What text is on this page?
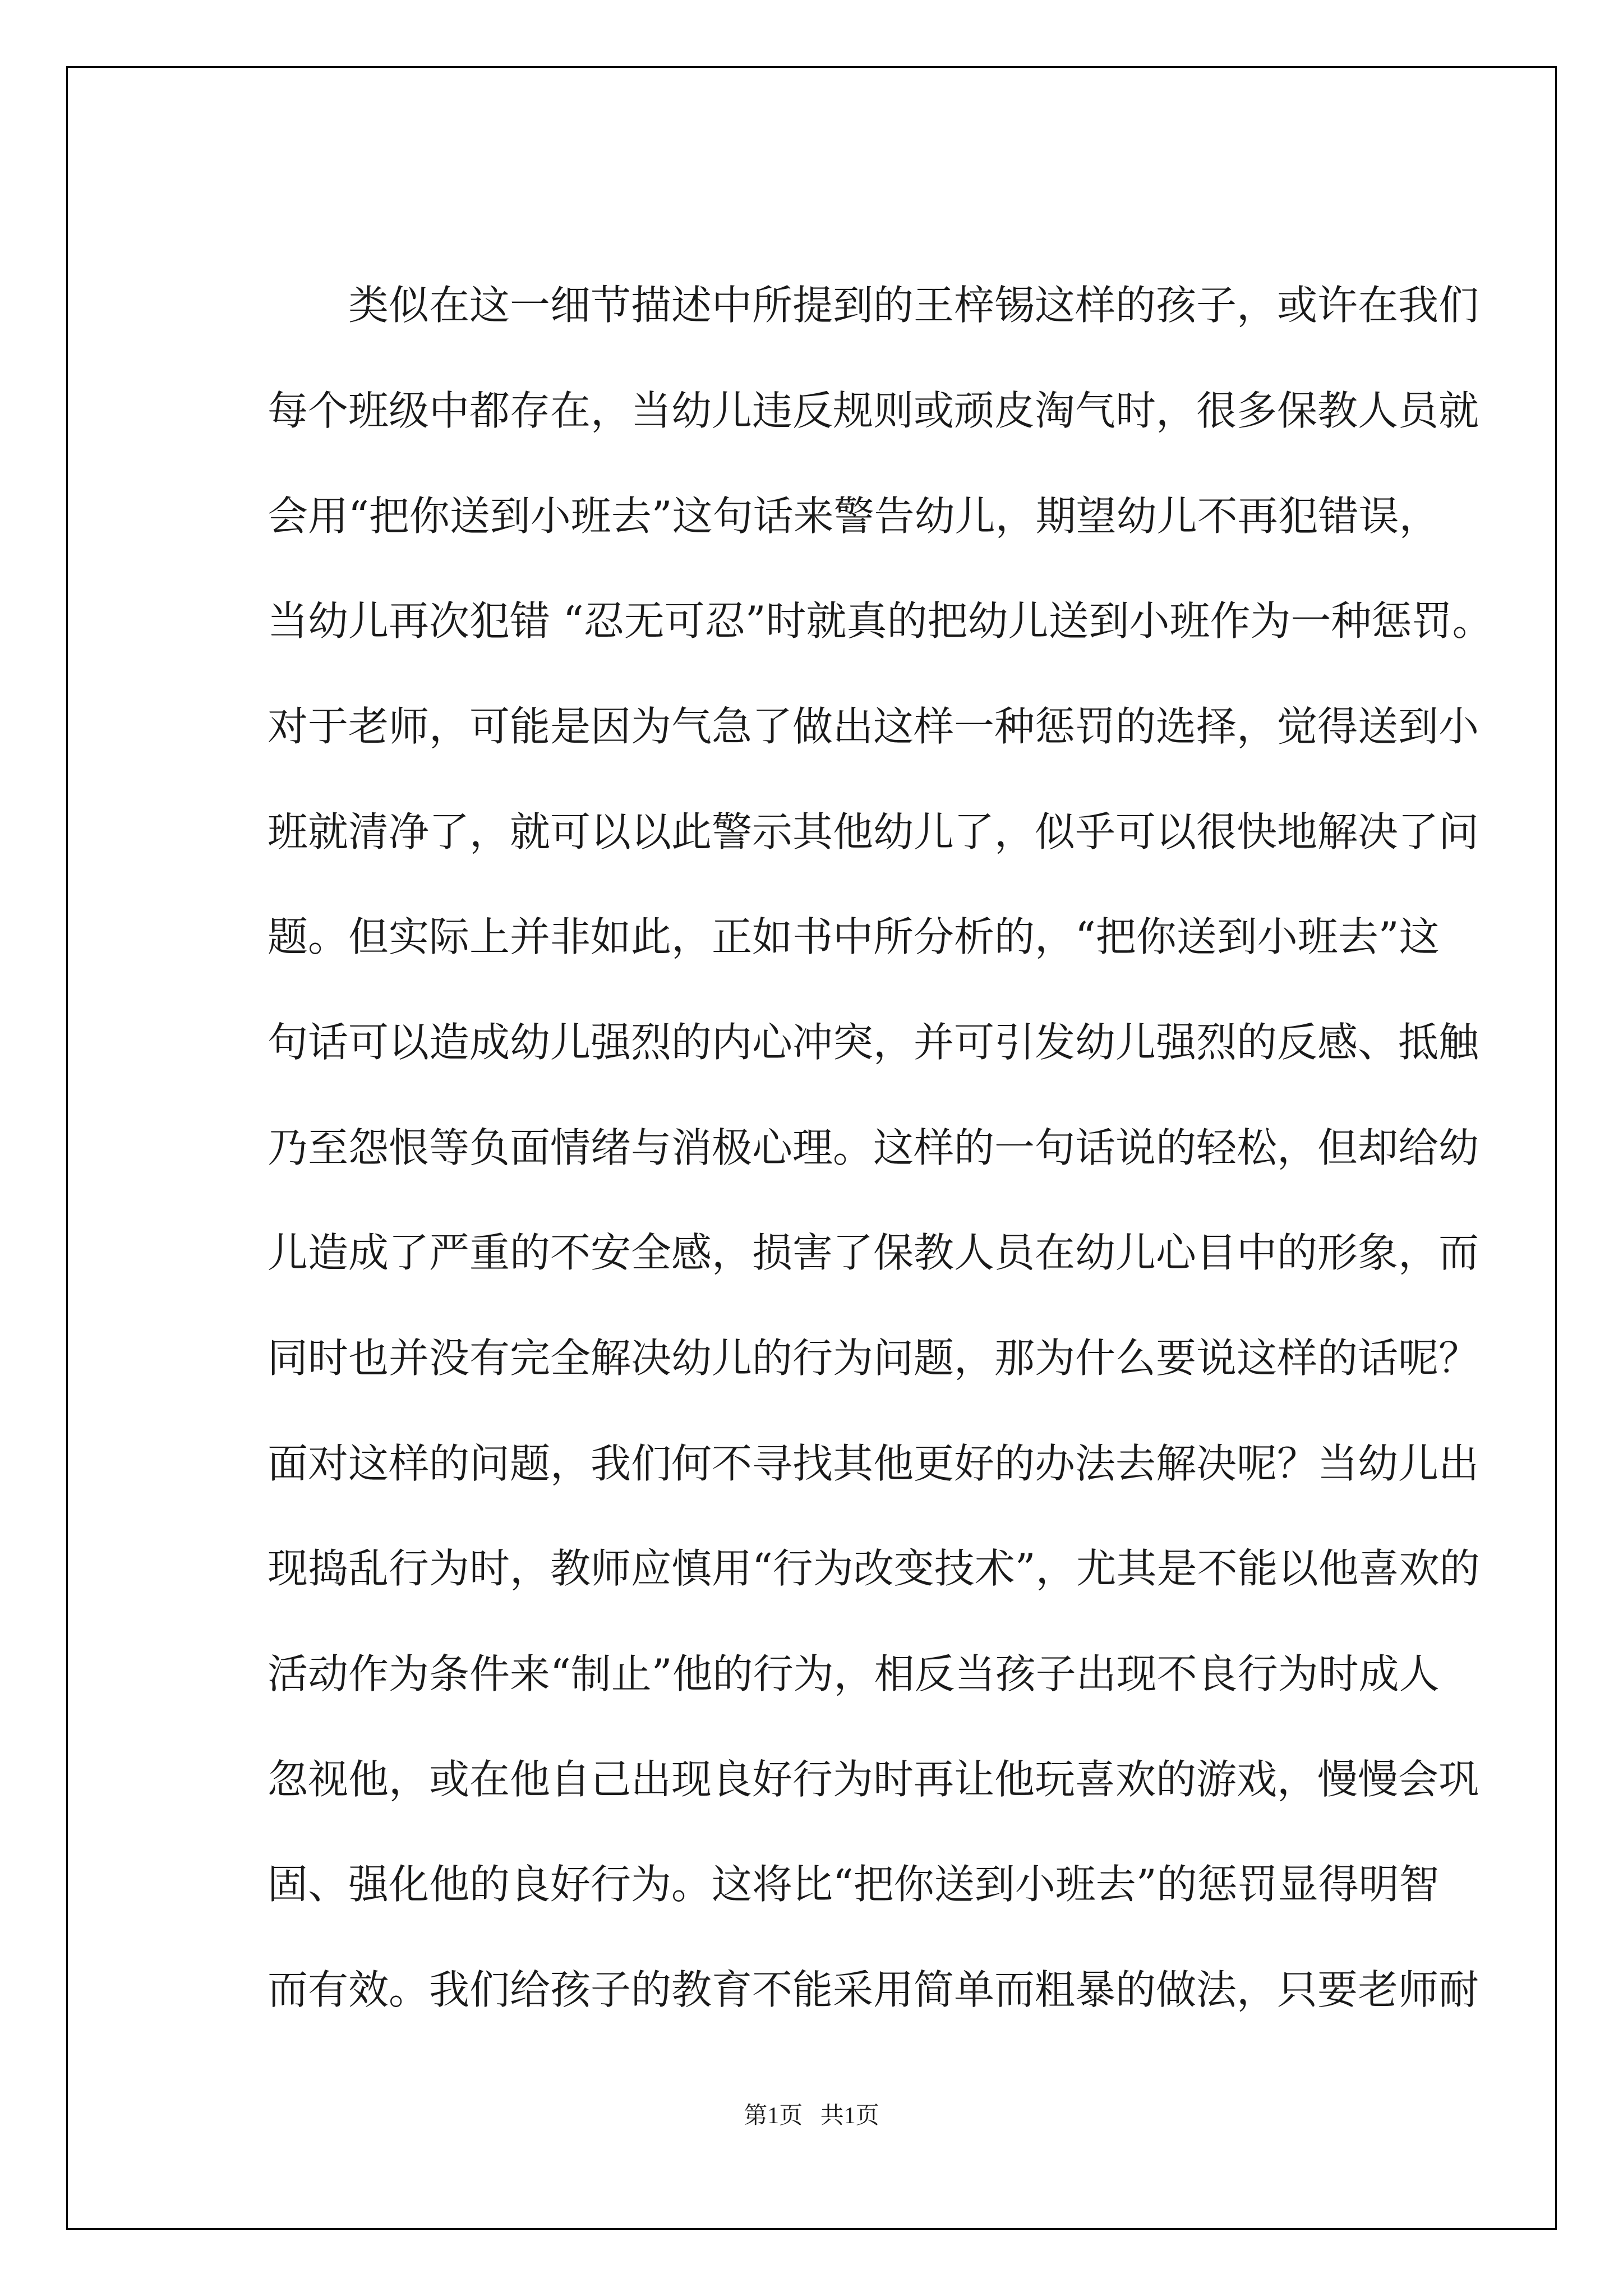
　　类似在这一细节描述中所提到的王梓锡这样的孩子，或许在我们
每个班级中都存在，当幼儿违反规则或顽皮淘气时，很多保教人员就
会用“把你送到小班去”这句话来警告幼儿，期望幼儿不再犯错误，
当幼儿再次犯错 “忍无可忍”时就真的把幼儿送到小班作为一种惩罚。
对于老师，可能是因为气急了做出这样一种惩罚的选择，觉得送到小
班就清净了，就可以以此警示其他幼儿了，似乎可以很快地解决了问
题。但实际上并非如此，正如书中所分析的，“把你送到小班去”这
句话可以造成幼儿强烈的内心冲突，并可引发幼儿强烈的反感、抵触
乃至怨恨等负面情绪与消极心理。这样的一句话说的轻松，但却给幼
儿造成了严重的不安全感，损害了保教人员在幼儿心目中的形象，而
同时也并没有完全解决幼儿的行为问题，那为什么要说这样的话呢？
面对这样的问题，我们何不寻找其他更好的办法去解决呢？当幼儿出
现捣乱行为时，教师应慎用“行为改变技术”，尤其是不能以他喜欢的
活动作为条件来“制止”他的行为，相反当孩子出现不良行为时成人
忽视他，或在他自己出现良好行为时再让他玩喜欢的游戏，慢慢会巩
固、强化他的良好行为。这将比“把你送到小班去”的惩罚显得明智
而有效。我们给孩子的教育不能采用简单而粗暴的做法，只要老师耐
第1页 共1页
